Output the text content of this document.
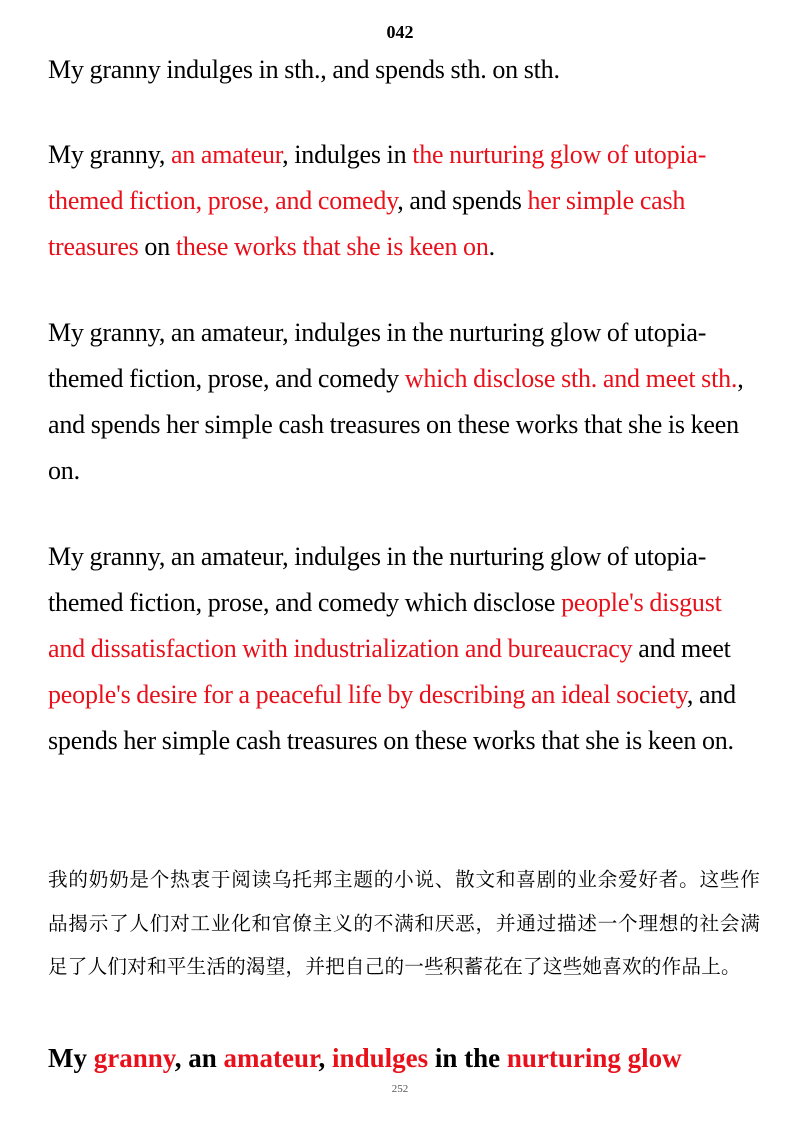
042

My granny indulges in sth., and spends sth. on sth.

My granny, an amateur, indulges in the nurturing glow of utopia-themed fiction, prose, and comedy, and spends her simple cash treasures on these works that she is keen on.

My granny, an amateur, indulges in the nurturing glow of utopia-themed fiction, prose, and comedy which disclose sth. and meet sth., and spends her simple cash treasures on these works that she is keen on.

My granny, an amateur, indulges in the nurturing glow of utopia-themed fiction, prose, and comedy which disclose people's disgust and dissatisfaction with industrialization and bureaucracy and meet people's desire for a peaceful life by describing an ideal society, and spends her simple cash treasures on these works that she is keen on.

我的奶奶是个热衷于阅读乌托邦主题的小说、散文和喜剧的业余爱好者。这些作品揭示了人们对工业化和官僚主义的不满和厌恶，并通过描述一个理想的社会满足了人们对和平生活的渴望，并把自己的一些积蓄花在了这些她喜欢的作品上。

My granny, an amateur, indulges in the nurturing glow

252
